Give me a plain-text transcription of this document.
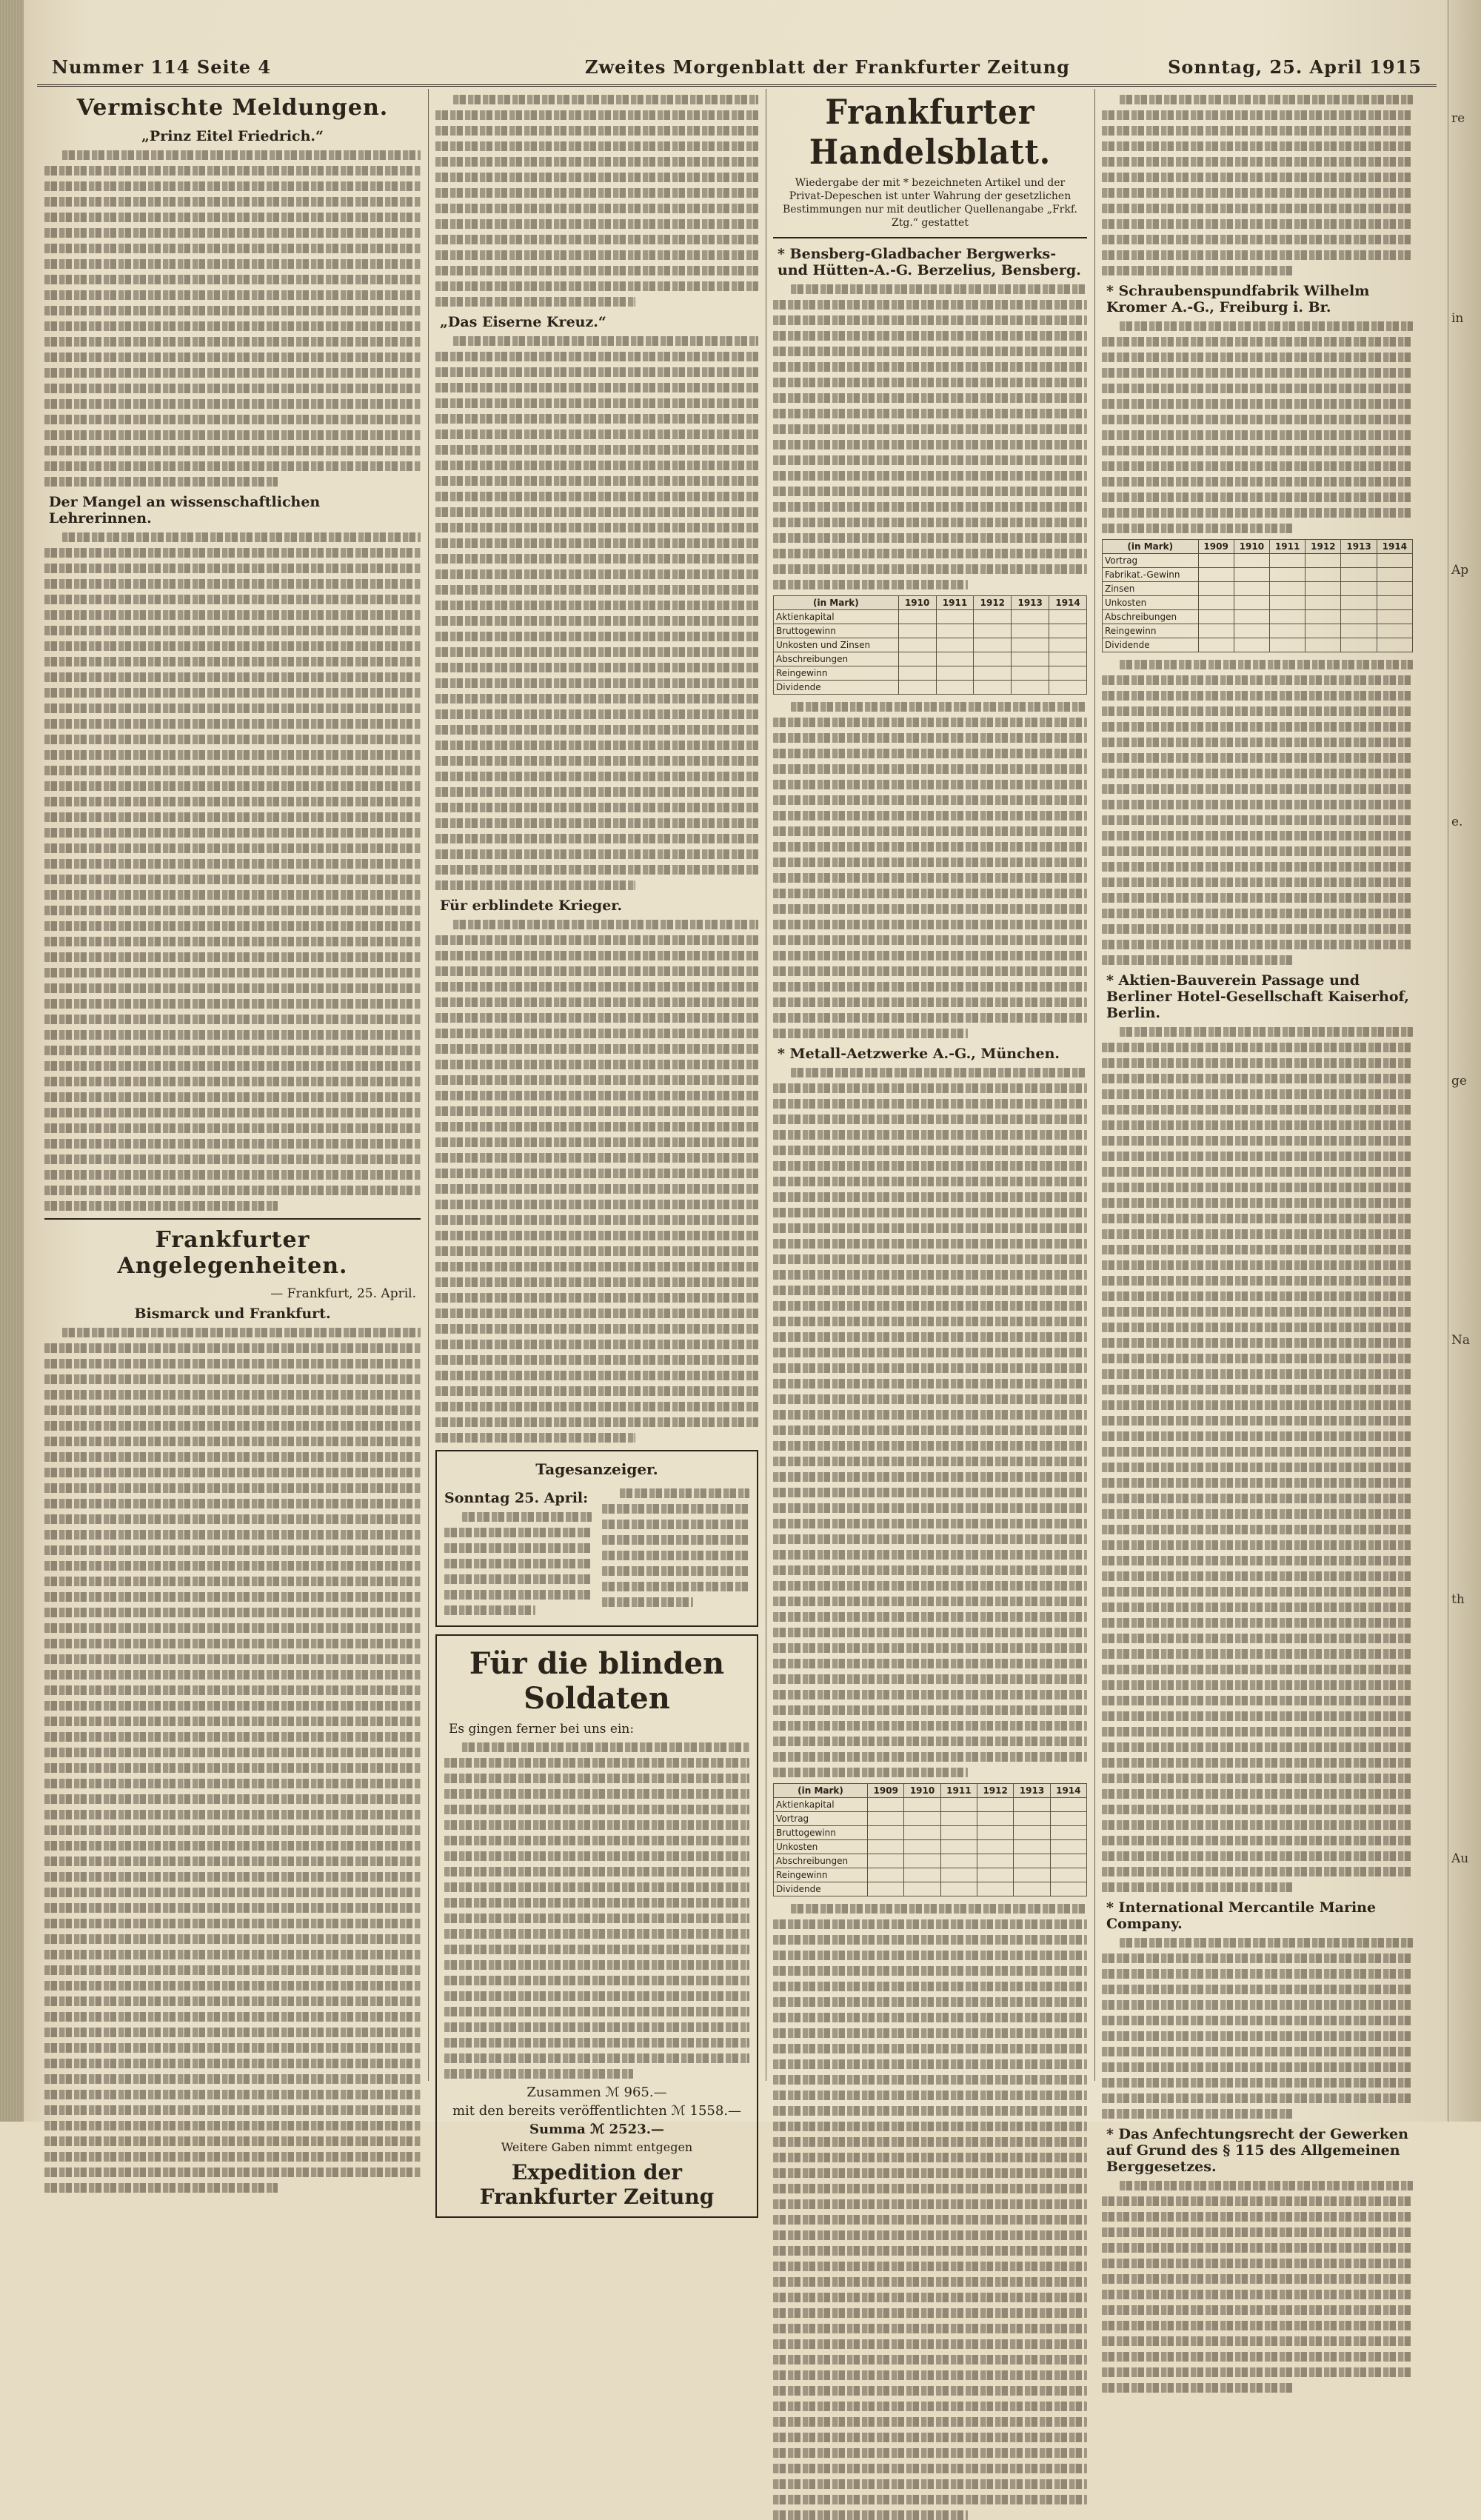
re
in
Ap
e.
ge
Na
th
Au
Nummer 114 Seite 4	Zweites Morgenblatt der Frankfurter Zeitung	Sonntag, 25. April 1915
Vermischte Meldungen.
„Prinz Eitel Friedrich.“
Der Mangel an wissenschaftlichen Lehrerinnen.
Frankfurter Angelegenheiten.
— Frankfurt, 25. April.
Bismarck und Frankfurt.
„Das Eiserne Kreuz.“
Für erblindete Krieger.
Tagesanzeiger.
Sonntag 25. April:
Für die blinden Soldaten
Es gingen ferner bei uns ein:
Zusammen ℳ 965.—
mit den bereits veröffentlichten ℳ 1558.—
Summa ℳ 2523.—
Weitere Gaben nimmt entgegen
Expedition der Frankfurter Zeitung
Frankfurter Handelsblatt.
Wiedergabe der mit * bezeichneten Artikel und der Privat-Depeschen ist unter Wahrung der gesetzlichen Bestimmungen nur mit deutlicher Quellenangabe „Frkf. Ztg.“ gestattet
* Bensberg-Gladbacher Bergwerks- und Hütten-A.-G. Berzelius, Bensberg.
(in Mark)	1910	1911	1912	1913	1914
Aktienkapital					
Bruttogewinn					
Unkosten und Zinsen					
Abschreibungen					
Reingewinn					
Dividende					
* Metall-Aetzwerke A.-G., München.
(in Mark)	1909	1910	1911	1912	1913	1914
Aktienkapital						
Vortrag						
Bruttogewinn						
Unkosten						
Abschreibungen						
Reingewinn						
Dividende						
* Schraubenspundfabrik Wilhelm Kromer A.-G., Freiburg i. Br.
(in Mark)	1909	1910	1911	1912	1913	1914
Vortrag						
Fabrikat.-Gewinn						
Zinsen						
Unkosten						
Abschreibungen						
Reingewinn						
Dividende						
* Aktien-Bauverein Passage und Berliner Hotel-Gesellschaft Kaiserhof, Berlin.
* International Mercantile Marine Company.
* Das Anfechtungsrecht der Gewerken auf Grund des § 115 des Allgemeinen Berggesetzes.
